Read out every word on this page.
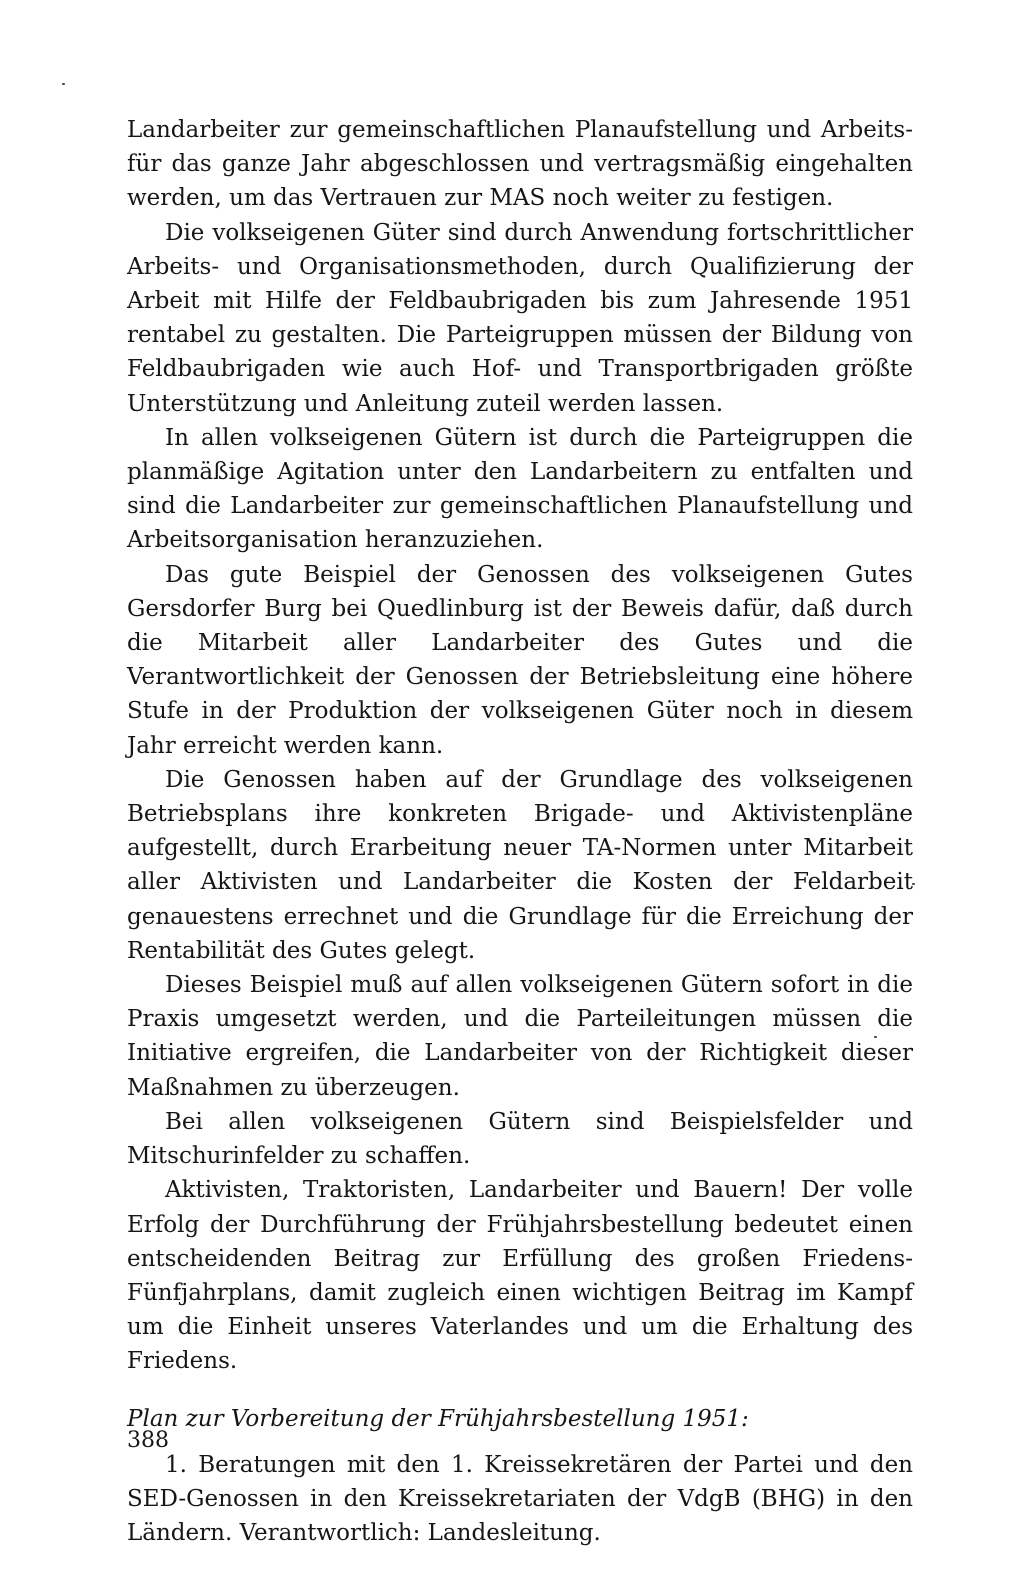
Landarbeiter zur gemeinschaftlichen Planaufstellung und Arbeits- für das ganze Jahr abgeschlossen und vertragsmäßig eingehalten werden, um das Vertrauen zur MAS noch weiter zu festigen.

Die volkseigenen Güter sind durch Anwendung fortschrittlicher Arbeits- und Organisationsmethoden, durch Qualifizierung der Arbeit mit Hilfe der Feldbaubrigaden bis zum Jahresende 1951 rentabel zu gestalten. Die Parteigruppen müssen der Bildung von Feldbaubrigaden wie auch Hof- und Transportbrigaden größte Unterstützung und Anleitung zuteil werden lassen.

In allen volkseigenen Gütern ist durch die Parteigruppen die planmäßige Agitation unter den Landarbeitern zu entfalten und sind die Landarbeiter zur gemeinschaftlichen Planaufstellung und Arbeitsorganisation heranzuziehen.

Das gute Beispiel der Genossen des volkseigenen Gutes Gersdorfer Burg bei Quedlinburg ist der Beweis dafür, daß durch die Mitarbeit aller Landarbeiter des Gutes und die Verantwortlichkeit der Genossen der Betriebsleitung eine höhere Stufe in der Produktion der volkseigenen Güter noch in diesem Jahr erreicht werden kann.

Die Genossen haben auf der Grundlage des volkseigenen Betriebsplans ihre konkreten Brigade- und Aktivistenpläne aufgestellt, durch Erarbeitung neuer TA-Normen unter Mitarbeit aller Aktivisten und Landarbeiter die Kosten der Feldarbeit genauestens errechnet und die Grundlage für die Erreichung der Rentabilität des Gutes gelegt.

Dieses Beispiel muß auf allen volkseigenen Gütern sofort in die Praxis umgesetzt werden, und die Parteileitungen müssen die Initiative ergreifen, die Landarbeiter von der Richtigkeit dieser Maßnahmen zu überzeugen.

Bei allen volkseigenen Gütern sind Beispielsfelder und Mitschurinfelder zu schaffen.

Aktivisten, Traktoristen, Landarbeiter und Bauern! Der volle Erfolg der Durchführung der Frühjahrsbestellung bedeutet einen entscheidenden Beitrag zur Erfüllung des großen Friedens-Fünfjahrplans, damit zugleich einen wichtigen Beitrag im Kampf um die Einheit unseres Vaterlandes und um die Erhaltung des Friedens.

Plan zur Vorbereitung der Frühjahrsbestellung 1951:

1. Beratungen mit den 1. Kreissekretären der Partei und den SED-Genossen in den Kreissekretariaten der VdgB (BHG) in den Ländern. Verantwortlich: Landesleitung.

388
